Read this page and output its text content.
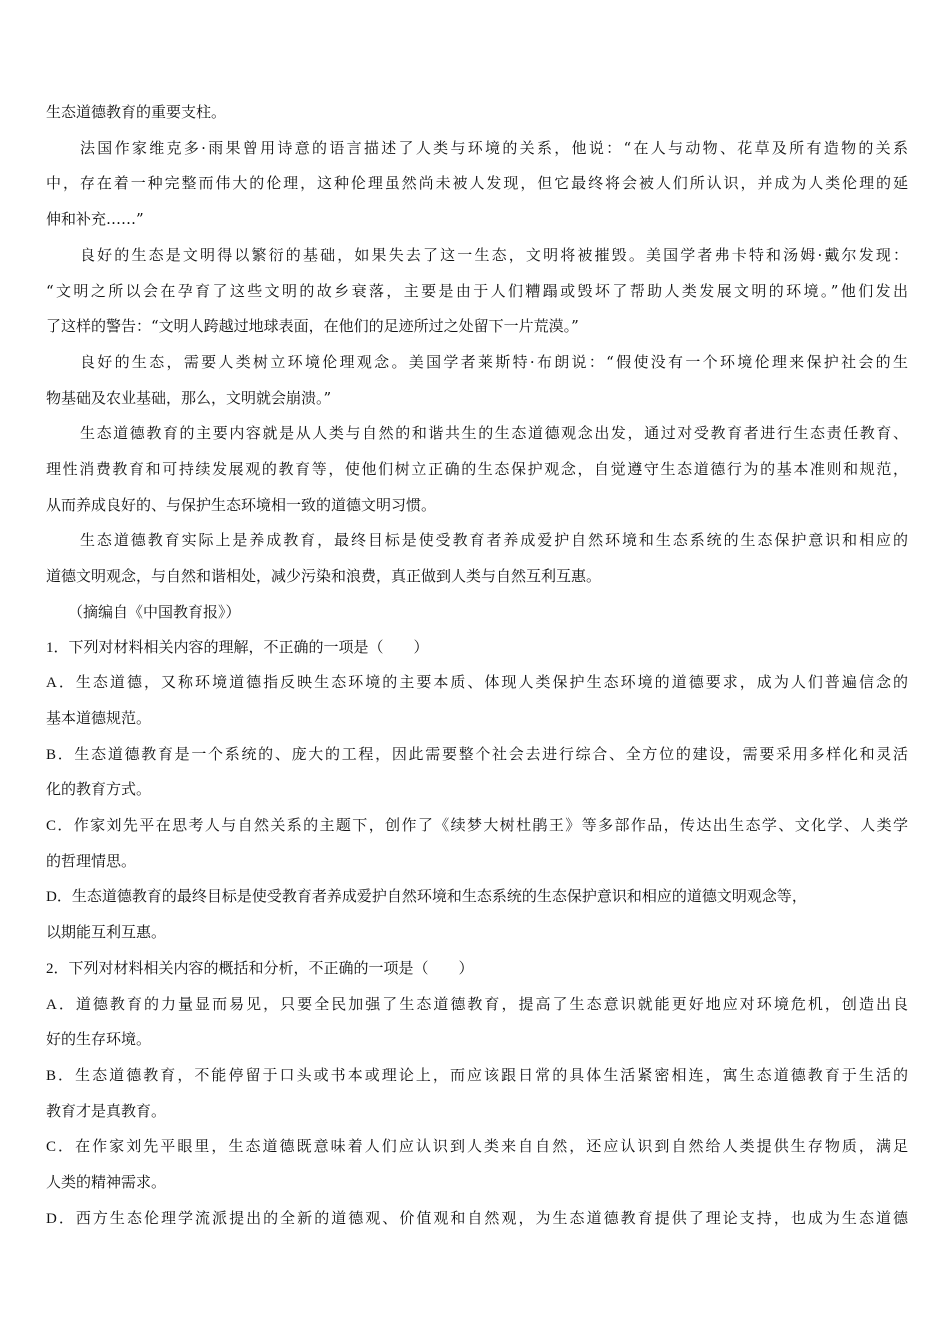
生态道德教育的重要支柱。
法国作家维克多·雨果曾用诗意的语言描述了人类与环境的关系，他说：“在人与动物、花草及所有造物的关系
中，存在着一种完整而伟大的伦理，这种伦理虽然尚未被人发现，但它最终将会被人们所认识，并成为人类伦理的延
伸和补充……”
良好的生态是文明得以繁衍的基础，如果失去了这一生态，文明将被摧毁。美国学者弗卡特和汤姆·戴尔发现：
“文明之所以会在孕育了这些文明的故乡衰落，主要是由于人们糟蹋或毁坏了帮助人类发展文明的环境。”他们发出
了这样的警告：“文明人跨越过地球表面，在他们的足迹所过之处留下一片荒漠。”
良好的生态，需要人类树立环境伦理观念。美国学者莱斯特·布朗说：“假使没有一个环境伦理来保护社会的生
物基础及农业基础，那么，文明就会崩溃。”
生态道德教育的主要内容就是从人类与自然的和谐共生的生态道德观念出发，通过对受教育者进行生态责任教育、
理性消费教育和可持续发展观的教育等，使他们树立正确的生态保护观念，自觉遵守生态道德行为的基本准则和规范，
从而养成良好的、与保护生态环境相一致的道德文明习惯。
生态道德教育实际上是养成教育，最终目标是使受教育者养成爱护自然环境和生态系统的生态保护意识和相应的
道德文明观念，与自然和谐相处，减少污染和浪费，真正做到人类与自然互利互惠。
（摘编自《中国教育报》）
1．下列对材料相关内容的理解，不正确的一项是（　　）
A．生态道德，又称环境道德指反映生态环境的主要本质、体现人类保护生态环境的道德要求，成为人们普遍信念的
基本道德规范。
B．生态道德教育是一个系统的、庞大的工程，因此需要整个社会去进行综合、全方位的建设，需要采用多样化和灵活
化的教育方式。
C．作家刘先平在思考人与自然关系的主题下，创作了《续梦大树杜鹃王》等多部作品，传达出生态学、文化学、人类学
的哲理情思。
D．生态道德教育的最终目标是使受教育者养成爱护自然环境和生态系统的生态保护意识和相应的道德文明观念等，
以期能互利互惠。
2．下列对材料相关内容的概括和分析，不正确的一项是（　　）
A．道德教育的力量显而易见，只要全民加强了生态道德教育，提高了生态意识就能更好地应对环境危机，创造出良
好的生存环境。
B．生态道德教育，不能停留于口头或书本或理论上，而应该跟日常的具体生活紧密相连，寓生态道德教育于生活的
教育才是真教育。
C．在作家刘先平眼里，生态道德既意味着人们应认识到人类来自自然，还应认识到自然给人类提供生存物质，满足
人类的精神需求。
D．西方生态伦理学流派提出的全新的道德观、价值观和自然观，为生态道德教育提供了理论支持，也成为生态道德
